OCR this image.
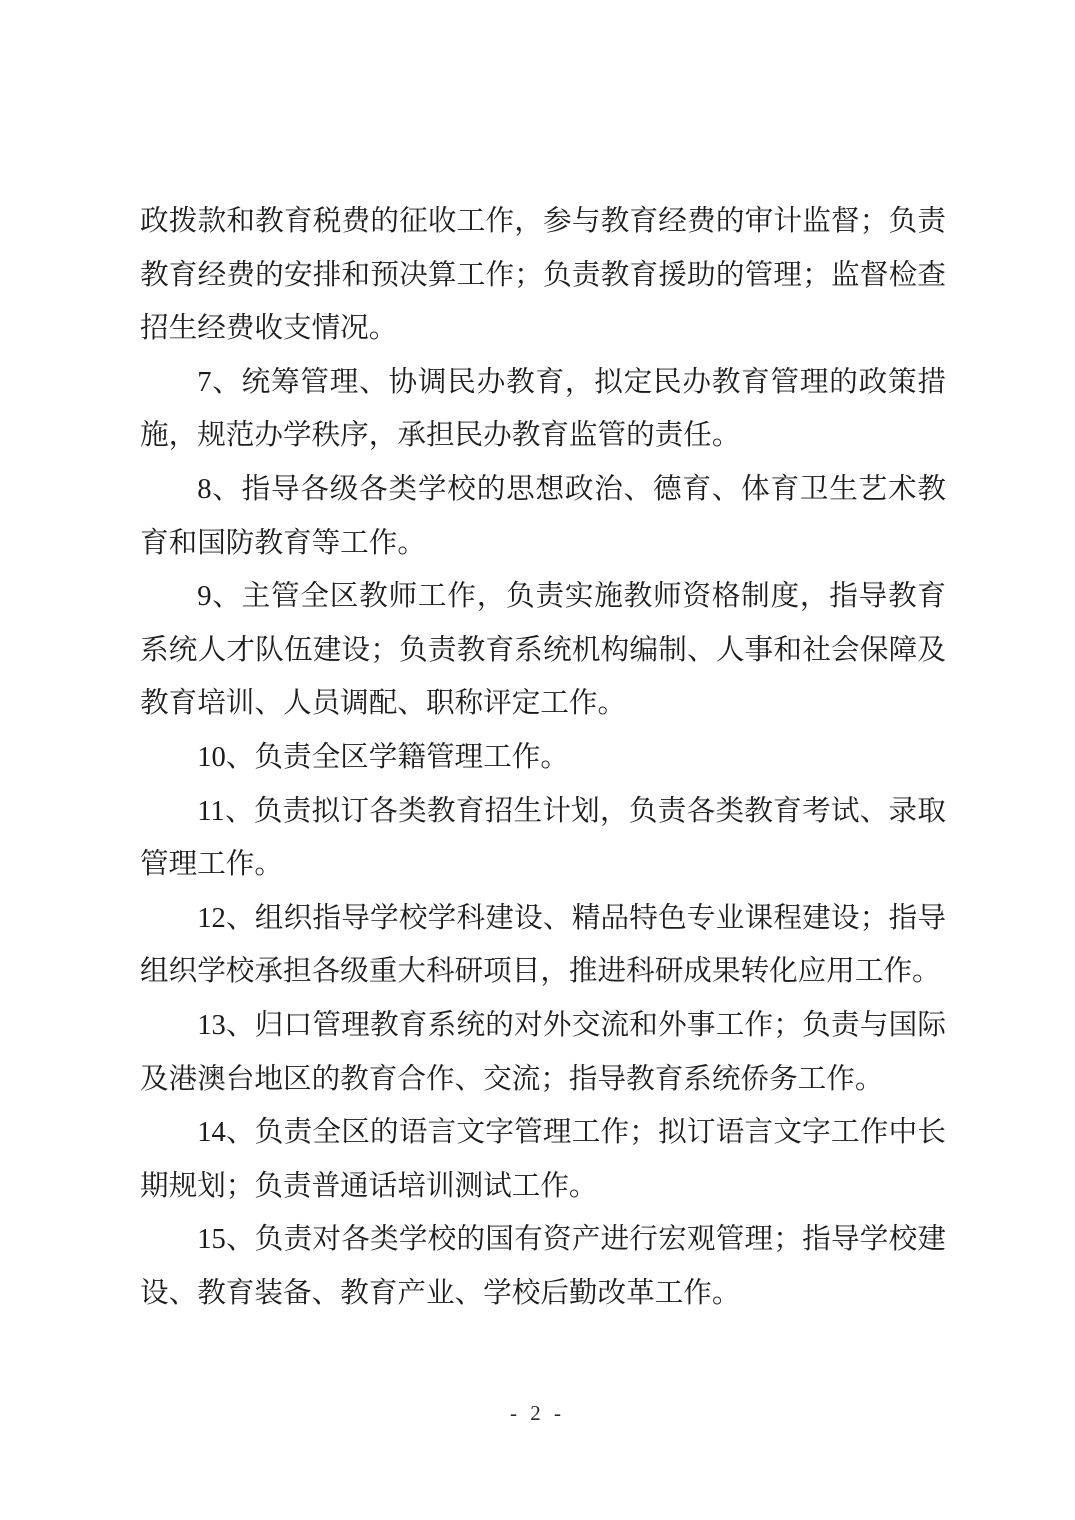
政拨款和教育税费的征收工作，参与教育经费的审计监督；负责教育经费的安排和预决算工作；负责教育援助的管理；监督检查招生经费收支情况。

7、统筹管理、协调民办教育，拟定民办教育管理的政策措施，规范办学秩序，承担民办教育监管的责任。

8、指导各级各类学校的思想政治、德育、体育卫生艺术教育和国防教育等工作。

9、主管全区教师工作，负责实施教师资格制度，指导教育系统人才队伍建设；负责教育系统机构编制、人事和社会保障及教育培训、人员调配、职称评定工作。

10、负责全区学籍管理工作。

11、负责拟订各类教育招生计划，负责各类教育考试、录取管理工作。

12、组织指导学校学科建设、精品特色专业课程建设；指导组织学校承担各级重大科研项目，推进科研成果转化应用工作。

13、归口管理教育系统的对外交流和外事工作；负责与国际及港澳台地区的教育合作、交流；指导教育系统侨务工作。

14、负责全区的语言文字管理工作；拟订语言文字工作中长期规划；负责普通话培训测试工作。

15、负责对各类学校的国有资产进行宏观管理；指导学校建设、教育装备、教育产业、学校后勤改革工作。

- 2 -
